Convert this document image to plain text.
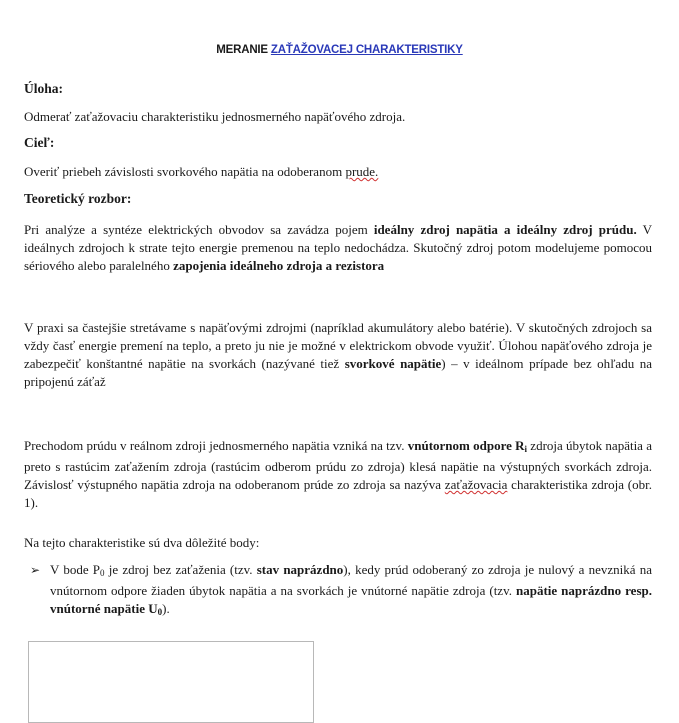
MERANIE ZAŤAŽOVACEJ CHARAKTERISTIKY
Úloha:
Odmerať zaťažovaciu charakteristiku jednosmerného napäťového zdroja.
Cieľ:
Overiť priebeh závislosti svorkového napätia na odoberanom prude.
Teoretický rozbor:
Pri analýze a syntéze elektrických obvodov sa zavádza pojem ideálny zdroj napätia a ideálny zdroj prúdu. V ideálnych zdrojoch k strate tejto energie premenou na teplo nedochádza. Skutočný zdroj potom modelujeme pomocou sériového alebo paralelného zapojenia ideálneho zdroja a rezistora
V praxi sa častejšie stretávame s napäťovými zdrojmi (napríklad akumulátory alebo batérie). V skutočných zdrojoch sa vždy časť energie premení na teplo, a preto ju nie je možné v elektrickom obvode využiť. Úlohou napäťového zdroja je zabezpečiť konštantné napätie na svorkách (nazývané tiež svorkové napätie) – v ideálnom prípade bez ohľadu na pripojenú záťaž
Prechodom prúdu v reálnom zdroji jednosmerného napätia vzniká na tzv. vnútornom odpore Ri zdroja úbytok napätia a preto s rastúcim zaťažením zdroja (rastúcim odberom prúdu zo zdroja) klesá napätie na výstupných svorkách zdroja. Závislosť výstupného napätia zdroja na odoberanom prúde zo zdroja sa nazýva zaťažovacia charakteristika zdroja (obr. 1).
Na tejto charakteristike sú dva dôležité body:
➢ V bode P0 je zdroj bez zaťaženia (tzv. stav naprázdno), kedy prúd odoberaný zo zdroja je nulový a nevzniká na vnútornom odpore žiaden úbytok napätia a na svorkách je vnútorné napätie zdroja (tzv. napätie naprázdno resp. vnútorné napätie U0).
